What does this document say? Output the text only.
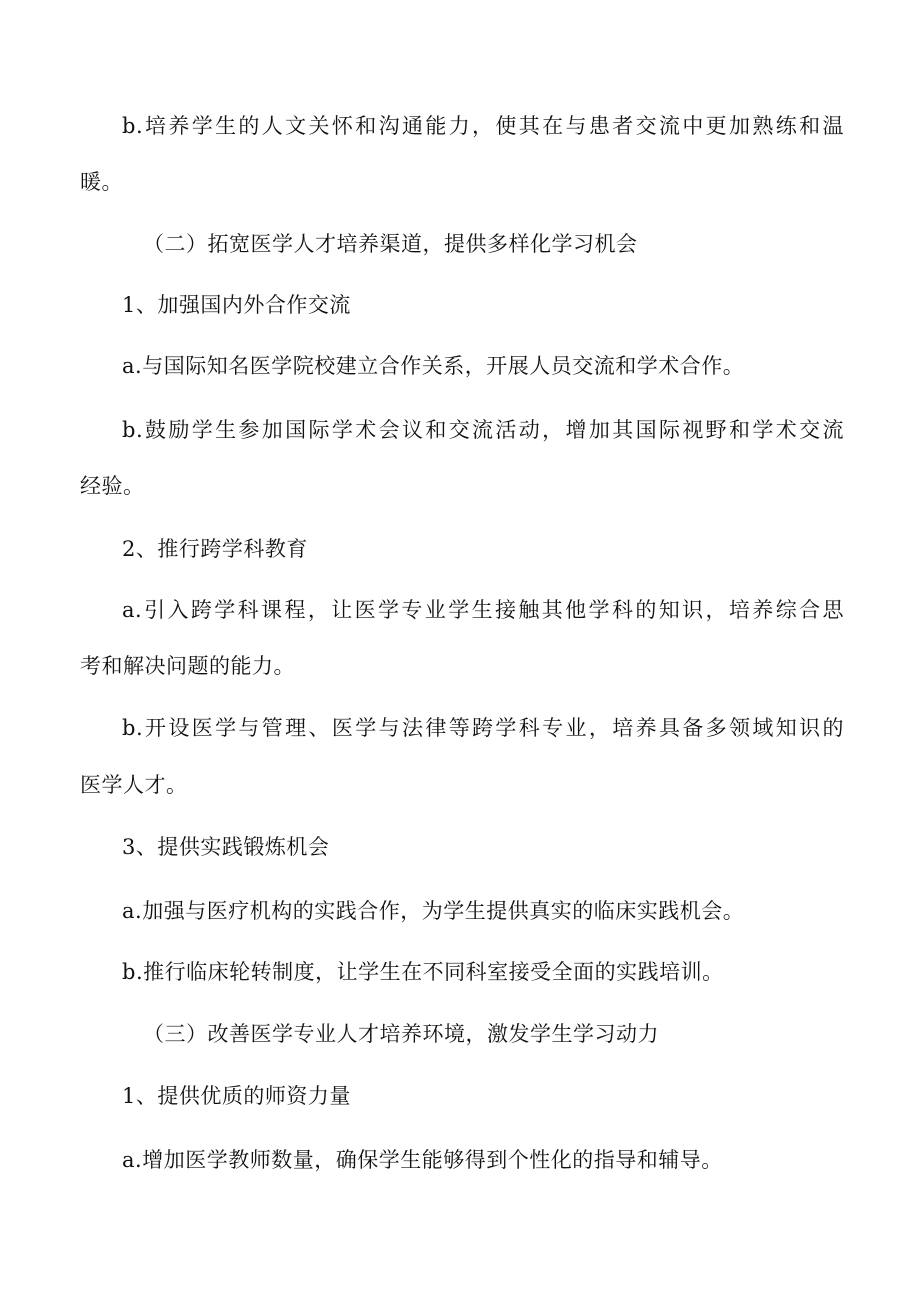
b.培养学生的人文关怀和沟通能力，使其在与患者交流中更加熟练和温
暖。
（二）拓宽医学人才培养渠道，提供多样化学习机会
1、加强国内外合作交流
a.与国际知名医学院校建立合作关系，开展人员交流和学术合作。
b.鼓励学生参加国际学术会议和交流活动，增加其国际视野和学术交流
经验。
2、推行跨学科教育
a.引入跨学科课程，让医学专业学生接触其他学科的知识，培养综合思
考和解决问题的能力。
b.开设医学与管理、医学与法律等跨学科专业，培养具备多领域知识的
医学人才。
3、提供实践锻炼机会
a.加强与医疗机构的实践合作，为学生提供真实的临床实践机会。
b.推行临床轮转制度，让学生在不同科室接受全面的实践培训。
（三）改善医学专业人才培养环境，激发学生学习动力
1、提供优质的师资力量
a.增加医学教师数量，确保学生能够得到个性化的指导和辅导。
